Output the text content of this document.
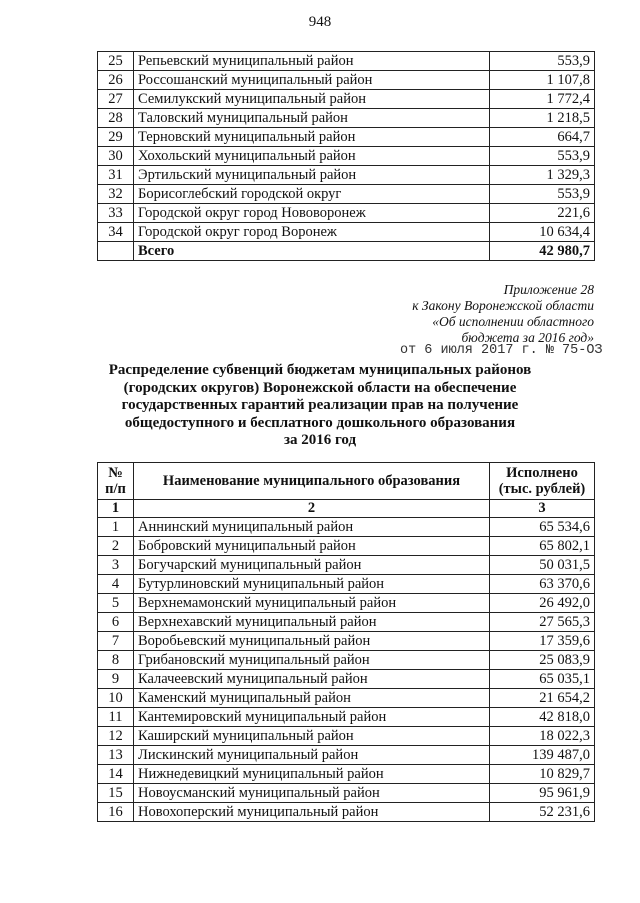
948
25	Репьевский муниципальный район	553,9
26	Россошанский муниципальный район	1 107,8
27	Семилукский муниципальный район	1 772,4
28	Таловский муниципальный район	1 218,5
29	Терновский муниципальный район	664,7
30	Хохольский муниципальный район	553,9
31	Эртильский муниципальный район	1 329,3
32	Борисоглебский городской округ	553,9
33	Городской округ город Нововоронеж	221,6
34	Городской округ город Воронеж	10 634,4
	Всего	42 980,7
Приложение 28
к Закону Воронежской области
«Об исполнении областного
бюджета за 2016 год»
от 6 июля 2017 г. № 75-ОЗ
Распределение субвенций бюджетам муниципальных районов
(городских округов) Воронежской области на обеспечение
государственных гарантий реализации прав на получение
общедоступного и бесплатного дошкольного образования
за 2016 год
№
п/п	Наименование муниципального образования	Исполнено
(тыс. рублей)
1	2	3
1	Аннинский муниципальный район	65 534,6
2	Бобровский муниципальный район	65 802,1
3	Богучарский муниципальный район	50 031,5
4	Бутурлиновский муниципальный район	63 370,6
5	Верхнемамонский муниципальный район	26 492,0
6	Верхнехавский муниципальный район	27 565,3
7	Воробьевский муниципальный район	17 359,6
8	Грибановский муниципальный район	25 083,9
9	Калачеевский муниципальный район	65 035,1
10	Каменский муниципальный район	21 654,2
11	Кантемировский муниципальный район	42 818,0
12	Каширский муниципальный район	18 022,3
13	Лискинский муниципальный район	139 487,0
14	Нижнедевицкий муниципальный район	10 829,7
15	Новоусманский муниципальный район	95 961,9
16	Новохоперский муниципальный район	52 231,6
